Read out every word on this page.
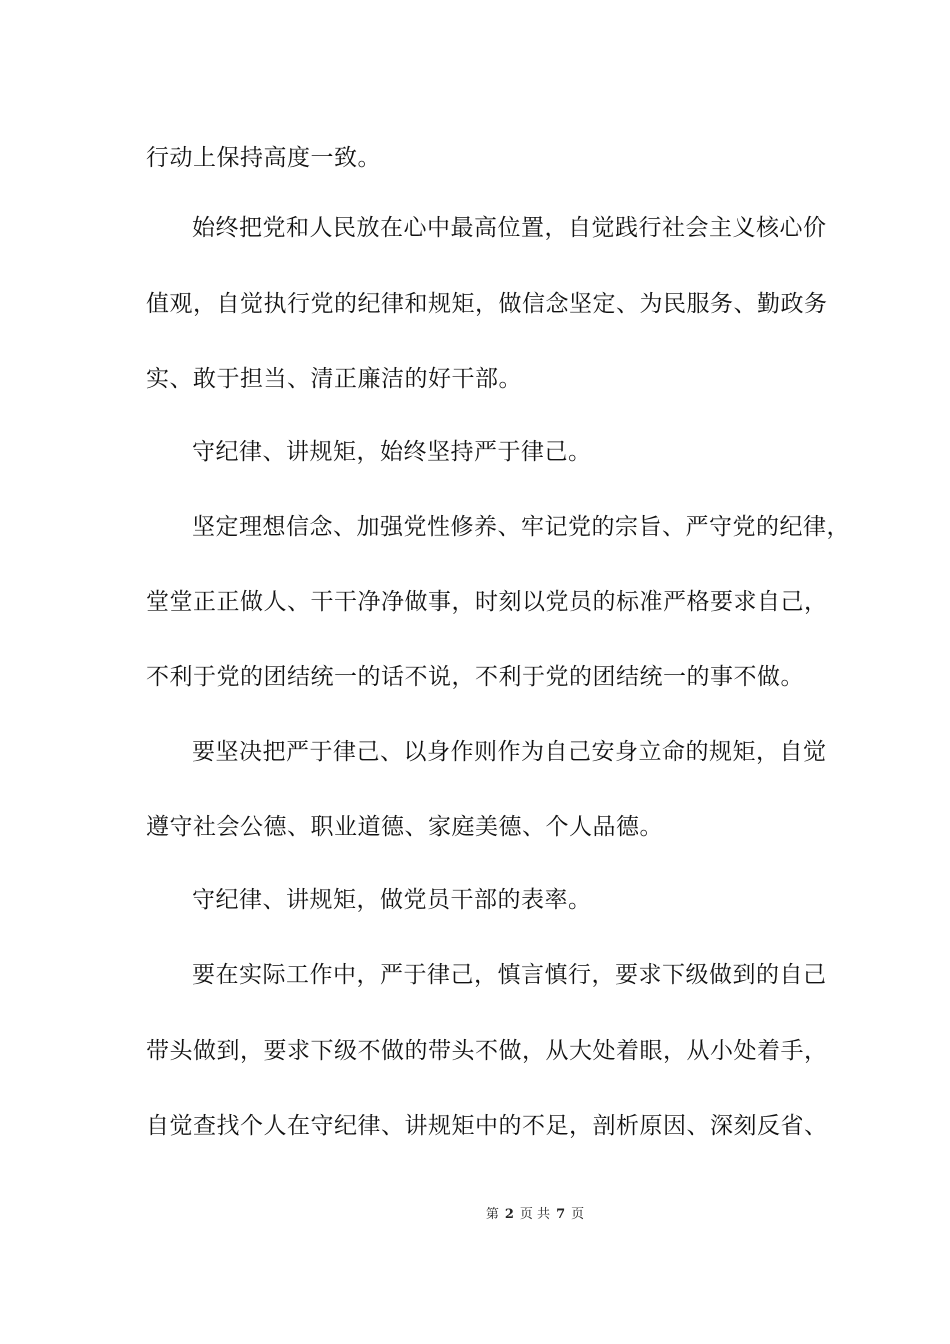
行动上保持高度一致。
始终把党和人民放在心中最高位置，自觉践行社会主义核心价
值观，自觉执行党的纪律和规矩，做信念坚定、为民服务、勤政务
实、敢于担当、清正廉洁的好干部。
守纪律、讲规矩，始终坚持严于律己。
坚定理想信念、加强党性修养、牢记党的宗旨、严守党的纪律，
堂堂正正做人、干干净净做事，时刻以党员的标准严格要求自己，
不利于党的团结统一的话不说，不利于党的团结统一的事不做。
要坚决把严于律己、以身作则作为自己安身立命的规矩，自觉
遵守社会公德、职业道德、家庭美德、个人品德。
守纪律、讲规矩，做党员干部的表率。
要在实际工作中，严于律己，慎言慎行，要求下级做到的自己
带头做到，要求下级不做的带头不做，从大处着眼，从小处着手，
自觉查找个人在守纪律、讲规矩中的不足，剖析原因、深刻反省、
第 2 页 共 7 页
